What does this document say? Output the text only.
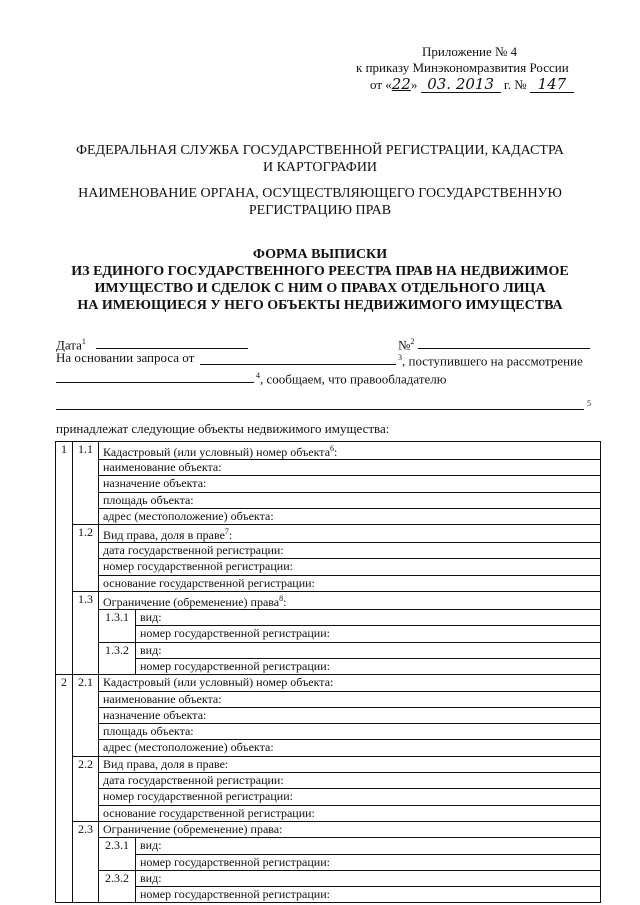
Приложение № 4
к приказу Минэкономразвития России
от «22» 03. 2013 г. № 147
ФЕДЕРАЛЬНАЯ СЛУЖБА ГОСУДАРСТВЕННОЙ РЕГИСТРАЦИИ, КАДАСТРА
И КАРТОГРАФИИ
НАИМЕНОВАНИЕ ОРГАНА, ОСУЩЕСТВЛЯЮЩЕГО ГОСУДАРСТВЕННУЮ
РЕГИСТРАЦИЮ ПРАВ
ФОРМА ВЫПИСКИ
ИЗ ЕДИНОГО ГОСУДАРСТВЕННОГО РЕЕСТРА ПРАВ НА НЕДВИЖИМОЕ
ИМУЩЕСТВО И СДЕЛОК С НИМ О ПРАВАХ ОТДЕЛЬНОГО ЛИЦА
НА ИМЕЮЩИЕСЯ У НЕГО ОБЪЕКТЫ НЕДВИЖИМОГО ИМУЩЕСТВА
Дата$^1$	№$^2$
На основании запроса от	$^3$, поступившего на рассмотрение
$^4$, сообщаем, что правообладателю
5
принадлежат следующие объекты недвижимого имущества:
1	1.1	Кадастровый (или условный) номер объекта$^6$:	
		наименование объекта:	
		назначение объекта:	
		площадь объекта:	
		адрес (местоположение) объекта:	
	1.2	Вид права, доля в праве$^7$:	
		дата государственной регистрации:	
		номер государственной регистрации:	
		основание государственной регистрации:	
	1.3	Ограничение (обременение) права$^8$:	
		1.3.1	вид:
			номер государственной регистрации:
		1.3.2	вид:
			номер государственной регистрации:
2	2.1	Кадастровый (или условный) номер объекта:	
		наименование объекта:	
		назначение объекта:	
		площадь объекта:	
		адрес (местоположение) объекта:	
	2.2	Вид права, доля в праве:	
		дата государственной регистрации:	
		номер государственной регистрации:	
		основание государственной регистрации:	
	2.3	Ограничение (обременение) права:	
		2.3.1	вид:
			номер государственной регистрации:
		2.3.2	вид:
			номер государственной регистрации:
